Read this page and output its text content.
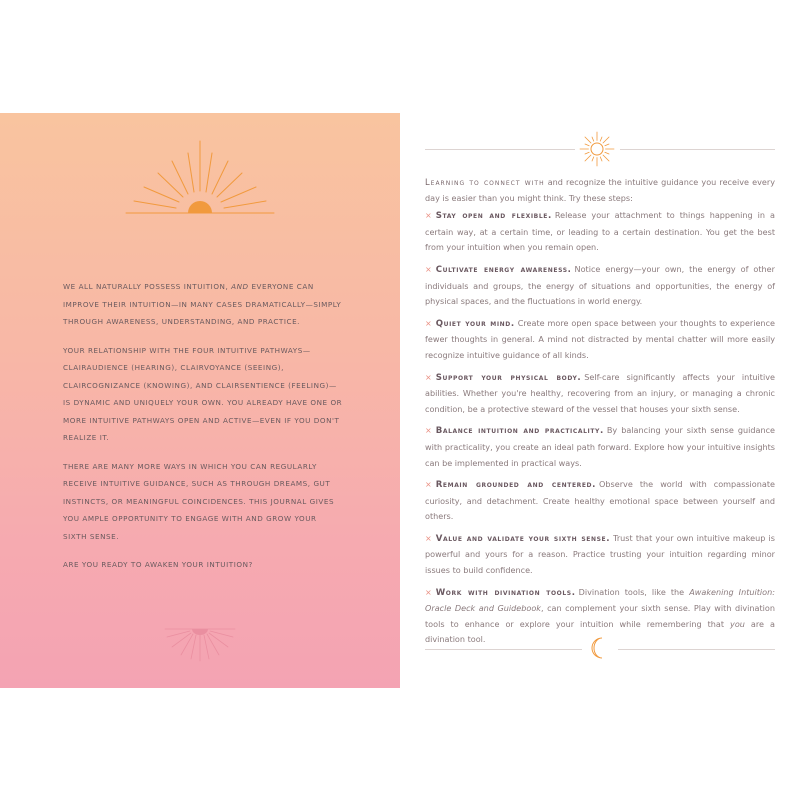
WE ALL NATURALLY POSSESS INTUITION, AND EVERYONE CAN IMPROVE THEIR INTUITION—IN MANY CASES DRAMATICALLY—SIMPLY THROUGH AWARENESS, UNDERSTANDING, AND PRACTICE.

YOUR RELATIONSHIP WITH THE FOUR INTUITIVE PATHWAYS—CLAIRAUDIENCE (HEARING), CLAIRVOYANCE (SEEING), CLAIRCOGNIZANCE (KNOWING), AND CLAIRSENTIENCE (FEELING)—IS DYNAMIC AND UNIQUELY YOUR OWN. YOU ALREADY HAVE ONE OR MORE INTUITIVE PATHWAYS OPEN AND ACTIVE—EVEN IF YOU DON'T REALIZE IT.

THERE ARE MANY MORE WAYS IN WHICH YOU CAN REGULARLY RECEIVE INTUITIVE GUIDANCE, SUCH AS THROUGH DREAMS, GUT INSTINCTS, OR MEANINGFUL COINCIDENCES. THIS JOURNAL GIVES YOU AMPLE OPPORTUNITY TO ENGAGE WITH AND GROW YOUR SIXTH SENSE.

ARE YOU READY TO AWAKEN YOUR INTUITION?

Learning to connect with and recognize the intuitive guidance you receive every day is easier than you might think. Try these steps:

× Stay open and flexible. Release your attachment to things happening in a certain way, at a certain time, or leading to a certain destination. You get the best from your intuition when you remain open.

× Cultivate energy awareness. Notice energy—your own, the energy of other individuals and groups, the energy of situations and opportunities, the energy of physical spaces, and the fluctuations in world energy.

× Quiet your mind. Create more open space between your thoughts to experience fewer thoughts in general. A mind not distracted by mental chatter will more easily recognize intuitive guidance of all kinds.

× Support your physical body. Self-care significantly affects your intuitive abilities. Whether you're healthy, recovering from an injury, or managing a chronic condition, be a protective steward of the vessel that houses your sixth sense.

× Balance intuition and practicality. By balancing your sixth sense guidance with practicality, you create an ideal path forward. Explore how your intuitive insights can be implemented in practical ways.

× Remain grounded and centered. Observe the world with compassionate curiosity, and detachment. Create healthy emotional space between yourself and others.

× Value and validate your sixth sense. Trust that your own intuitive makeup is powerful and yours for a reason. Practice trusting your intuition regarding minor issues to build confidence.

× Work with divination tools. Divination tools, like the Awakening Intuition: Oracle Deck and Guidebook, can complement your sixth sense. Play with divination tools to enhance or explore your intuition while remembering that you are a divination tool.
